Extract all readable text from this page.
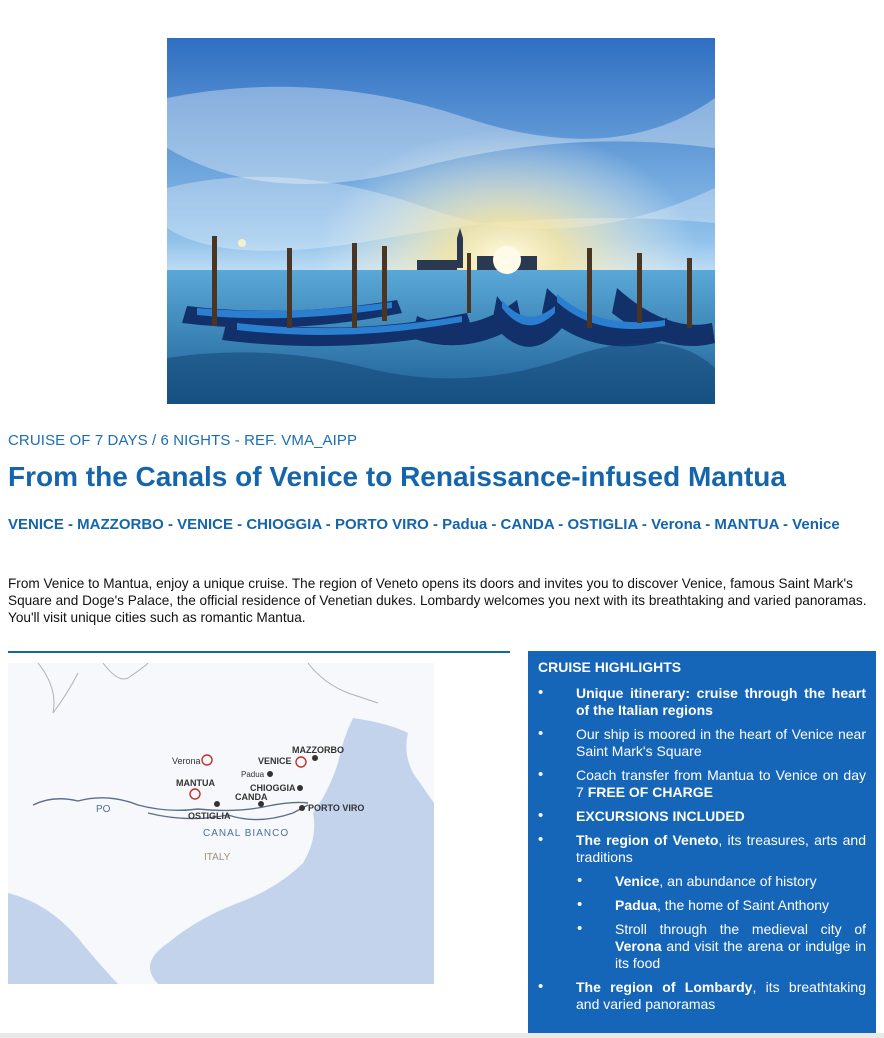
CRUISE OF 7 DAYS / 6 NIGHTS - REF. VMA_AIPP
From the Canals of Venice to Renaissance-infused Mantua
VENICE - MAZZORBO - VENICE - CHIOGGIA - PORTO VIRO - Padua - CANDA - OSTIGLIA - Verona - MANTUA - Venice

From Venice to Mantua, enjoy a unique cruise. The region of Veneto opens its doors and invites you to discover Venice, famous Saint Mark's Square and Doge's Palace, the official residence of Venetian dukes. Lombardy welcomes you next with its breathtaking and varied panoramas. You'll visit unique cities such as romantic Mantua.

Verona	VENICE
MAZZORBO
Padua
MANTUA	CHIOGGIA
CANDA
PORTO VIRO
OSTIGLIA
PO
CANAL BIANCO
ITALY
CRUISE HIGHLIGHTS
• Unique itinerary: cruise through the heart of the Italian regions
• Our ship is moored in the heart of Venice near Saint Mark's Square
• Coach transfer from Mantua to Venice on day 7 FREE OF CHARGE
• EXCURSIONS INCLUDED
• The region of Veneto, its treasures, arts and traditions
• Venice, an abundance of history
• Padua, the home of Saint Anthony
• Stroll through the medieval city of Verona and visit the arena or indulge in its food
• The region of Lombardy, its breathtaking and varied panoramas
